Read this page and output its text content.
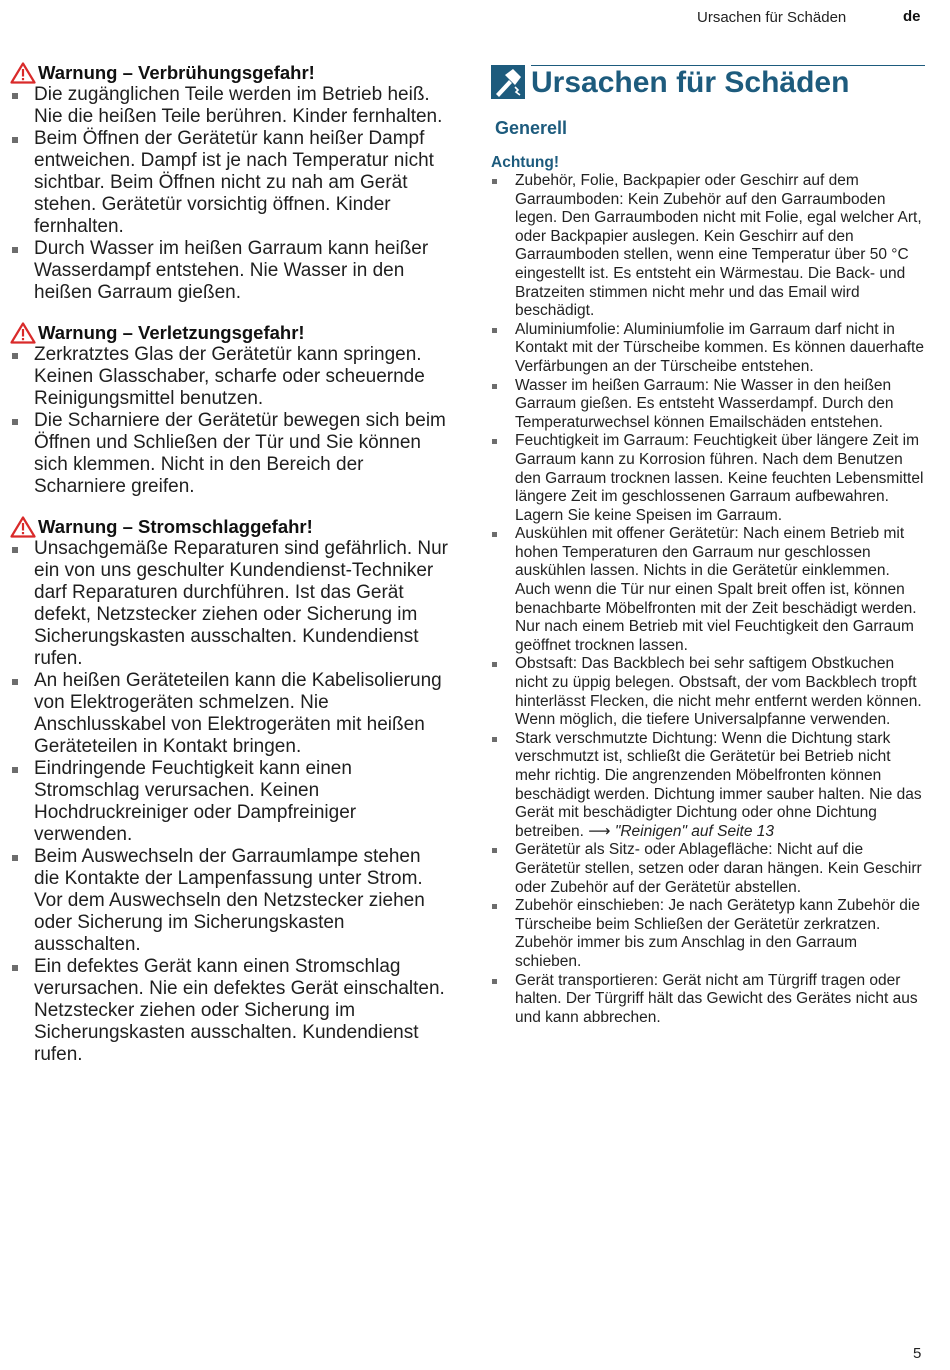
Ursachen für Schäden	de
Warnung – Verbrühungsgefahr!
Die zugänglichen Teile werden im Betrieb heiß. Nie die heißen Teile berühren. Kinder fernhalten.
Beim Öffnen der Gerätetür kann heißer Dampf entweichen. Dampf ist je nach Temperatur nicht sichtbar. Beim Öffnen nicht zu nah am Gerät stehen. Gerätetür vorsichtig öffnen. Kinder fernhalten.
Durch Wasser im heißen Garraum kann heißer Wasserdampf entstehen. Nie Wasser in den heißen Garraum gießen.
Warnung – Verletzungsgefahr!
Zerkratztes Glas der Gerätetür kann springen. Keinen Glasschaber, scharfe oder scheuernde Reinigungsmittel benutzen.
Die Scharniere der Gerätetür bewegen sich beim Öffnen und Schließen der Tür und Sie können sich klemmen. Nicht in den Bereich der Scharniere greifen.
Warnung – Stromschlaggefahr!
Unsachgemäße Reparaturen sind gefährlich. Nur ein von uns geschulter Kundendienst-Techniker darf Reparaturen durchführen. Ist das Gerät defekt, Netzstecker ziehen oder Sicherung im Sicherungskasten ausschalten. Kundendienst rufen.
An heißen Geräteteilen kann die Kabelisolierung von Elektrogeräten schmelzen. Nie Anschlusskabel von Elektrogeräten mit heißen Geräteteilen in Kontakt bringen.
Eindringende Feuchtigkeit kann einen Stromschlag verursachen. Keinen Hochdruckreiniger oder Dampfreiniger verwenden.
Beim Auswechseln der Garraumlampe stehen die Kontakte der Lampenfassung unter Strom. Vor dem Auswechseln den Netzstecker ziehen oder Sicherung im Sicherungskasten ausschalten.
Ein defektes Gerät kann einen Stromschlag verursachen. Nie ein defektes Gerät einschalten. Netzstecker ziehen oder Sicherung im Sicherungskasten ausschalten. Kundendienst rufen.
Ursachen für Schäden
Generell
Achtung!
Zubehör, Folie, Backpapier oder Geschirr auf dem Garraumboden: Kein Zubehör auf den Garraumboden legen. Den Garraumboden nicht mit Folie, egal welcher Art, oder Backpapier auslegen. Kein Geschirr auf den Garraumboden stellen, wenn eine Temperatur über 50 °C eingestellt ist. Es entsteht ein Wärmestau. Die Back- und Bratzeiten stimmen nicht mehr und das Email wird beschädigt.
Aluminiumfolie: Aluminiumfolie im Garraum darf nicht in Kontakt mit der Türscheibe kommen. Es können dauerhafte Verfärbungen an der Türscheibe entstehen.
Wasser im heißen Garraum: Nie Wasser in den heißen Garraum gießen. Es entsteht Wasserdampf. Durch den Temperaturwechsel können Emailschäden entstehen.
Feuchtigkeit im Garraum: Feuchtigkeit über längere Zeit im Garraum kann zu Korrosion führen. Nach dem Benutzen den Garraum trocknen lassen. Keine feuchten Lebensmittel längere Zeit im geschlossenen Garraum aufbewahren. Lagern Sie keine Speisen im Garraum.
Auskühlen mit offener Gerätetür: Nach einem Betrieb mit hohen Temperaturen den Garraum nur geschlossen auskühlen lassen. Nichts in die Gerätetür einklemmen. Auch wenn die Tür nur einen Spalt breit offen ist, können benachbarte Möbelfronten mit der Zeit beschädigt werden. Nur nach einem Betrieb mit viel Feuchtigkeit den Garraum geöffnet trocknen lassen.
Obstsaft: Das Backblech bei sehr saftigem Obstkuchen nicht zu üppig belegen. Obstsaft, der vom Backblech tropft hinterlässt Flecken, die nicht mehr entfernt werden können. Wenn möglich, die tiefere Universalpfanne verwenden.
Stark verschmutzte Dichtung: Wenn die Dichtung stark verschmutzt ist, schließt die Gerätetür bei Betrieb nicht mehr richtig. Die angrenzenden Möbelfronten können beschädigt werden. Dichtung immer sauber halten. Nie das Gerät mit beschädigter Dichtung oder ohne Dichtung betreiben. ⟶ "Reinigen" auf Seite 13
Gerätetür als Sitz- oder Ablagefläche: Nicht auf die Gerätetür stellen, setzen oder daran hängen. Kein Geschirr oder Zubehör auf der Gerätetür abstellen.
Zubehör einschieben: Je nach Gerätetyp kann Zubehör die Türscheibe beim Schließen der Gerätetür zerkratzen. Zubehör immer bis zum Anschlag in den Garraum schieben.
Gerät transportieren: Gerät nicht am Türgriff tragen oder halten. Der Türgriff hält das Gewicht des Gerätes nicht aus und kann abbrechen.
5
